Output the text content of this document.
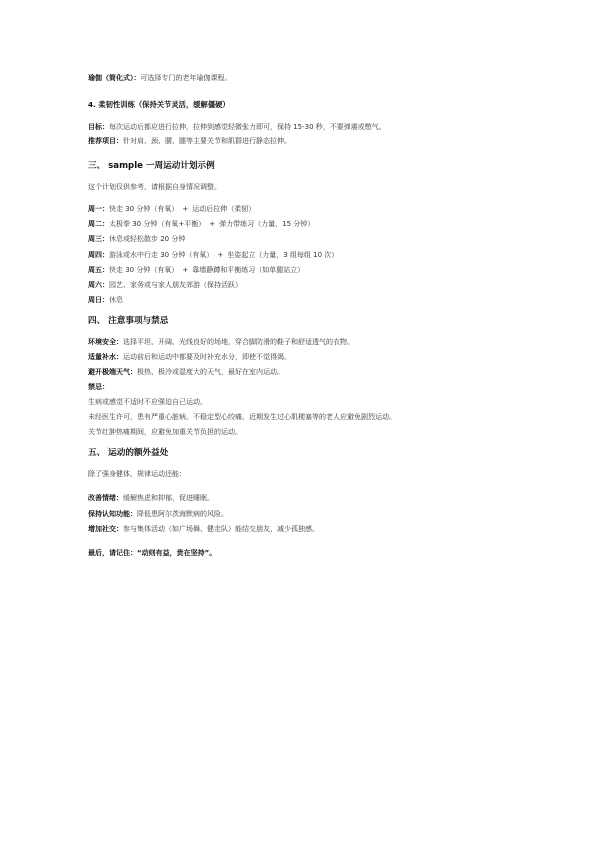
瑜伽（简化式）：可选择专门的老年瑜伽课程。

4. 柔韧性训练（保持关节灵活，缓解僵硬）

目标：每次运动后都应进行拉伸，拉伸到感觉轻微张力即可，保持 15-30 秒，不要弹震或憋气。

推荐项目：针对肩、颈、腰、腿等主要关节和肌群进行静态拉伸。

三、 sample 一周运动计划示例

这个计划仅供参考，请根据自身情况调整。

周一：快走 30 分钟（有氧） + 运动后拉伸（柔韧）

周二：太极拳 30 分钟（有氧+平衡） + 弹力带练习（力量，15 分钟）

周三：休息或轻松散步 20 分钟

周四：游泳或水中行走 30 分钟（有氧） + 坐姿起立（力量，3 组每组 10 次）

周五：快走 30 分钟（有氧） + 靠墙静蹲和平衡练习（如单腿站立）

周六：园艺、家务或与家人朋友郊游（保持活跃）

周日：休息

四、 注意事项与禁忌

环境安全：选择平坦、开阔、光线良好的场地，穿合脚防滑的鞋子和舒适透气的衣物。

适量补水：运动前后和运动中都要及时补充水分，即使不觉得渴。

避开极端天气：极热、极冷或湿度大的天气，最好在室内运动。

禁忌：

生病或感觉不适时不应强迫自己运动。

未经医生许可，患有严重心脏病、不稳定型心绞痛、近期发生过心肌梗塞等的老人应避免剧烈运动。

关节红肿热痛期间，应避免加重关节负担的运动。

五、 运动的额外益处

除了强身健体，规律运动还能：

改善情绪：缓解焦虑和抑郁，促进睡眠。

保持认知功能：降低患阿尔茨海默病的风险。

增加社交：参与集体活动（如广场舞、健走队）能结交朋友，减少孤独感。

最后，请记住：“动则有益，贵在坚持”。
